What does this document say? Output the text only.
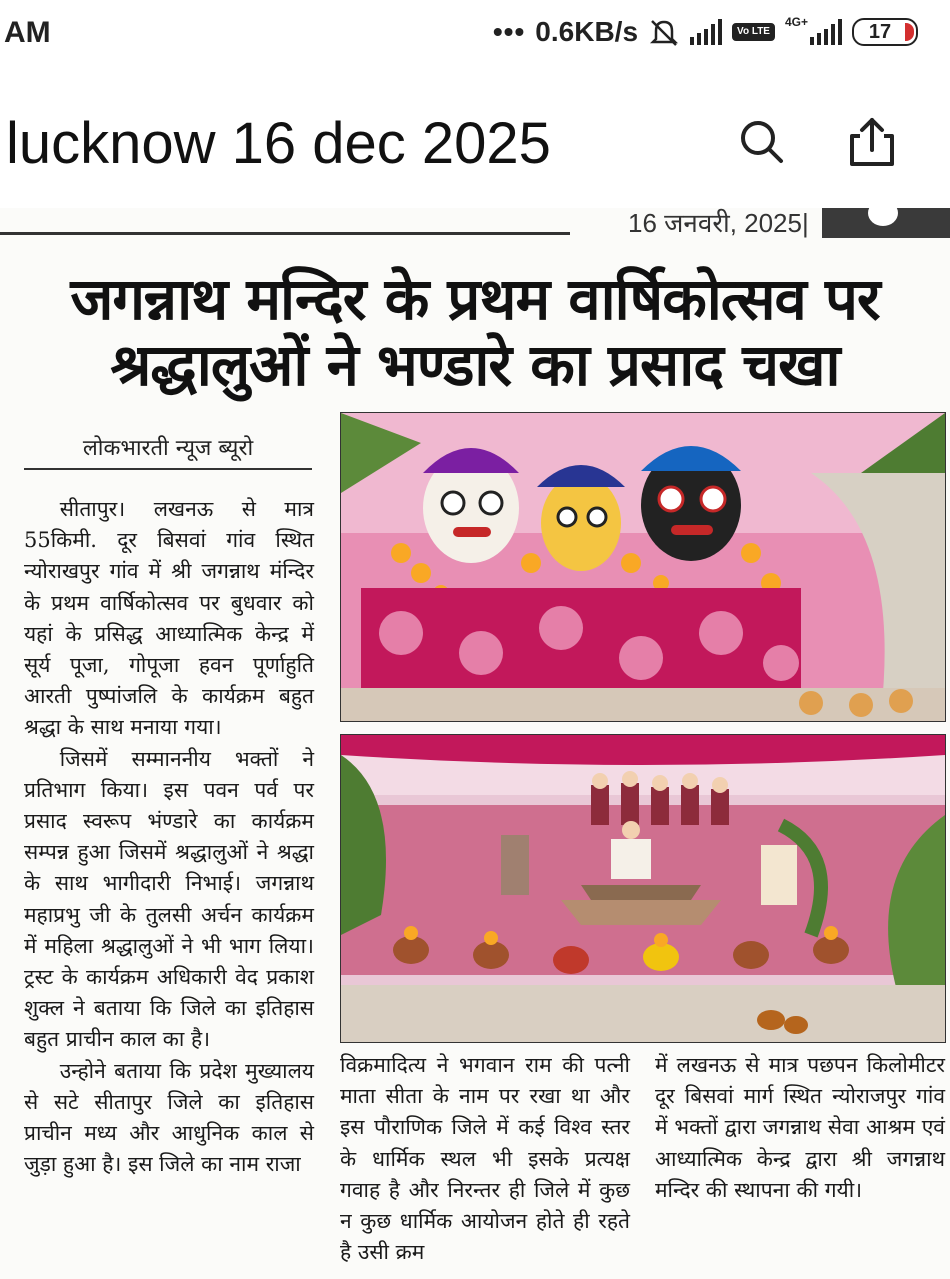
AM	••• 0.6KB/s	Vo LTE
4G+	17
lucknow 16 dec 2025
16 जनवरी, 2025|
जगन्नाथ मन्दिर के प्रथम वार्षिकोत्सव पर
श्रद्धालुओं ने भण्डारे का प्रसाद चखा
लोकभारती न्यूज ब्यूरो

सीतापुर। लखनऊ से मात्र 55किमी. दूर बिसवां गांव स्थित न्योराखपुर गांव में श्री जगन्नाथ मंन्दिर के प्रथम वार्षिकोत्सव पर बुधवार को यहां के प्रसिद्ध आध्यात्मिक केन्द्र में सूर्य पूजा, गोपूजा हवन पूर्णाहुति आरती पुष्पांजलि के कार्यक्रम बहुत श्रद्धा के साथ मनाया गया।

जिसमें सम्माननीय भक्तों ने प्रतिभाग किया। इस पवन पर्व पर प्रसाद स्वरूप भंण्डारे का कार्यक्रम सम्पन्न हुआ जिसमें श्रद्धालुओं ने श्रद्धा के साथ भागीदारी निभाई। जगन्नाथ महाप्रभु जी के तुलसी अर्चन कार्यक्रम में महिला श्रद्धालुओं ने भी भाग लिया। ट्रस्ट के कार्यक्रम अधिकारी वेद प्रकाश शुक्ल ने बताया कि जिले का इतिहास बहुत प्राचीन काल का है।

उन्होने बताया कि प्रदेश मुख्यालय से सटे सीतापुर जिले का इतिहास प्राचीन मध्य और आधुनिक काल से जुड़ा हुआ है। इस जिले का नाम राजा

विक्रमादित्य ने भगवान राम की पत्नी माता सीता के नाम पर रखा था और इस पौराणिक जिले में कई विश्व स्तर के धार्मिक स्थल भी इसके प्रत्यक्ष गवाह है और निरन्तर ही जिले में कुछ न कुछ धार्मिक आयोजन होते ही रहते है उसी क्रम

में लखनऊ से मात्र पछपन किलोमीटर दूर बिसवां मार्ग स्थित न्योराजपुर गांव में भक्तों द्वारा जगन्नाथ सेवा आश्रम एवं आध्यात्मिक केन्द्र द्वारा श्री जगन्नाथ मन्दिर की स्थापना की गयी।
